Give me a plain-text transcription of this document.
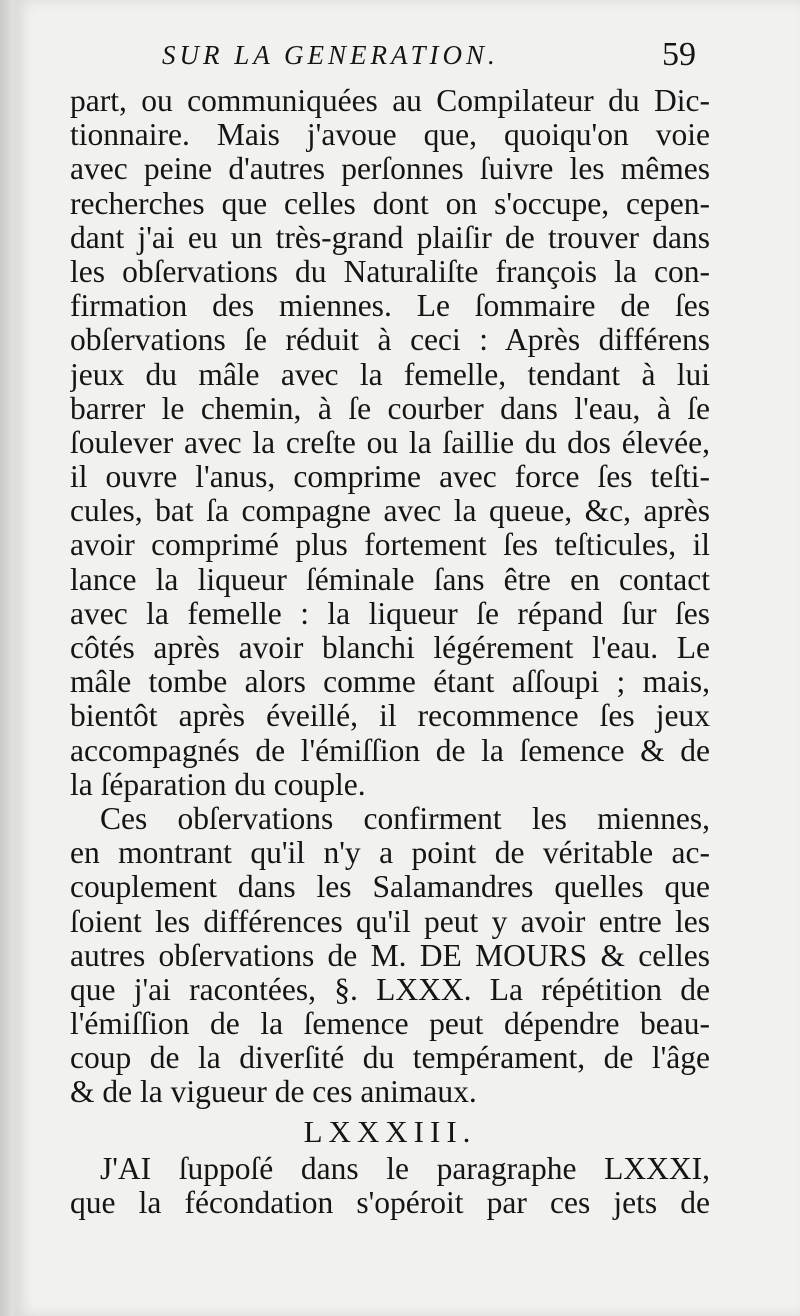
SUR LA GENERATION.	59
part, ou communiquées au Compilateur du Dic-
tionnaire. Mais j'avoue que, quoiqu'on voie
avec peine d'autres perſonnes ſuivre les mêmes
recherches que celles dont on s'occupe, cepen-
dant j'ai eu un très-grand plaiſir de trouver dans
les obſervations du Naturaliſte françois la con-
firmation des miennes. Le ſommaire de ſes
obſervations ſe réduit à ceci : Après différens
jeux du mâle avec la femelle, tendant à lui
barrer le chemin, à ſe courber dans l'eau, à ſe
ſoulever avec la creſte ou la ſaillie du dos élevée,
il ouvre l'anus, comprime avec force ſes teſti-
cules, bat ſa compagne avec la queue, &c, après
avoir comprimé plus fortement ſes teſticules, il
lance la liqueur ſéminale ſans être en contact
avec la femelle : la liqueur ſe répand ſur ſes
côtés après avoir blanchi légérement l'eau. Le
mâle tombe alors comme étant aſſoupi ; mais,
bientôt après éveillé, il recommence ſes jeux
accompagnés de l'émiſſion de la ſemence & de
la ſéparation du couple.
Ces obſervations confirment les miennes,
en montrant qu'il n'y a point de véritable ac-
couplement dans les Salamandres quelles que
ſoient les différences qu'il peut y avoir entre les
autres obſervations de M. DE MOURS & celles
que j'ai racontées, §. LXXX. La répétition de
l'émiſſion de la ſemence peut dépendre beau-
coup de la diverſité du tempérament, de l'âge
& de la vigueur de ces animaux.
LXXXIII.
J'AI ſuppoſé dans le paragraphe LXXXI,
que la fécondation s'opéroit par ces jets de
